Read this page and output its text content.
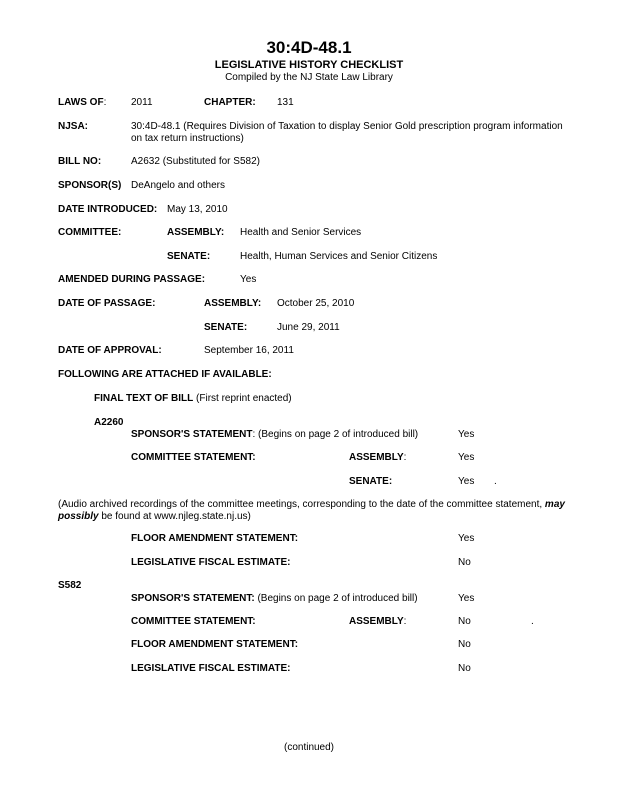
30:4D-48.1
LEGISLATIVE HISTORY CHECKLIST
Compiled by the NJ State Law Library
LAWS OF: 2011	CHAPTER: 131
NJSA:	30:4D-48.1 (Requires Division of Taxation to display Senior Gold prescription program information on tax return instructions)
BILL NO:	A2632 (Substituted for S582)
SPONSOR(S) DeAngelo and others
DATE INTRODUCED: May 13, 2010
COMMITTEE:	ASSEMBLY: Health and Senior Services
SENATE:	Health, Human Services and Senior Citizens
AMENDED DURING PASSAGE:	Yes
DATE OF PASSAGE:	ASSEMBLY: October 25, 2010
SENATE:	June 29, 2011
DATE OF APPROVAL:	September 16, 2011
FOLLOWING ARE ATTACHED IF AVAILABLE:
FINAL TEXT OF BILL (First reprint enacted)
A2260
SPONSOR'S STATEMENT: (Begins on page 2 of introduced bill)	Yes
COMMITTEE STATEMENT:	ASSEMBLY:	Yes
SENATE:	Yes .
(Audio archived recordings of the committee meetings, corresponding to the date of the committee statement, may possibly be found at www.njleg.state.nj.us)
FLOOR AMENDMENT STATEMENT:	Yes
LEGISLATIVE FISCAL ESTIMATE:	No
S582
SPONSOR'S STATEMENT: (Begins on page 2 of introduced bill)	Yes
COMMITTEE STATEMENT:	ASSEMBLY:	No	.
FLOOR AMENDMENT STATEMENT:	No
LEGISLATIVE FISCAL ESTIMATE:	No
(continued)
